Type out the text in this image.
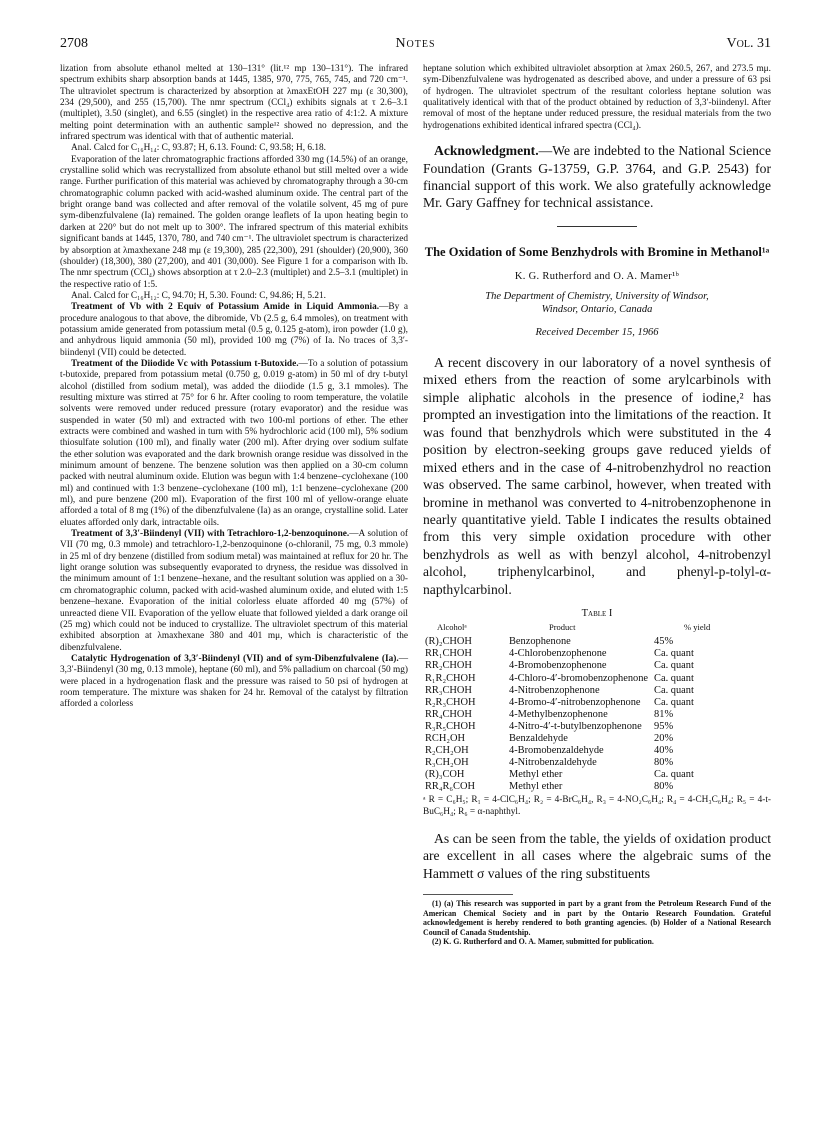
2708	Notes	Vol. 31

lization from absolute ethanol melted at 130–131° (lit.¹² mp 130–131°). The infrared spectrum exhibits sharp absorption bands at 1445, 1385, 970, 775, 765, 745, and 720 cm⁻¹. The ultraviolet spectrum is characterized by absorption at λmaxEtOH 227 mμ (ε 30,300), 234 (29,500), and 255 (15,700). The nmr spectrum (CCl₄) exhibits signals at τ 2.6–3.1 (multiplet), 3.50 (singlet), and 6.55 (singlet) in the respective area ratio of 4:1:2. A mixture melting point determination with an authentic sample¹² showed no depression, and the infrared spectrum was identical with that of authentic material.

Anal. Calcd for C₁₆H₁₄: C, 93.87; H, 6.13. Found: C, 93.58; H, 6.18.

Evaporation of the later chromatographic fractions afforded 330 mg (14.5%) of an orange, crystalline solid which was recrystallized from absolute ethanol but still melted over a wide range. Further purification of this material was achieved by chromatography through a 30-cm chromatographic column packed with acid-washed aluminum oxide. The central part of the bright orange band was collected and after removal of the volatile solvent, 45 mg of pure sym-dibenzfulvalene (Ia) remained. The golden orange leaflets of Ia upon heating begin to darken at 220° but do not melt up to 300°. The infrared spectrum of this material exhibits significant bands at 1445, 1370, 780, and 740 cm⁻¹. The ultraviolet spectrum is characterized by absorption at λmaxhexane 248 mμ (ε 19,300), 285 (22,300), 291 (shoulder) (20,900), 360 (shoulder) (18,300), 380 (27,200), and 401 (30,000). See Figure 1 for a comparison with Ib. The nmr spectrum (CCl₄) shows absorption at τ 2.0–2.3 (multiplet) and 2.5–3.1 (multiplet) in the respective ratio of 1:5.

Anal. Calcd for C₁₆H₁₂: C, 94.70; H, 5.30. Found: C, 94.86; H, 5.21.

Treatment of Vb with 2 Equiv of Potassium Amide in Liquid Ammonia.—By a procedure analogous to that above, the dibromide, Vb (2.5 g, 6.4 mmoles), on treatment with potassium amide generated from potassium metal (0.5 g, 0.125 g-atom), iron powder (1.0 g), and anhydrous liquid ammonia (50 ml), provided 100 mg (7%) of Ia. No traces of 3,3′-biindenyl (VII) could be detected.

Treatment of the Diiodide Vc with Potassium t-Butoxide.—To a solution of potassium t-butoxide, prepared from potassium metal (0.750 g, 0.019 g-atom) in 50 ml of dry t-butyl alcohol (distilled from sodium metal), was added the diiodide (1.5 g, 3.1 mmoles). The resulting mixture was stirred at 75° for 6 hr. After cooling to room temperature, the volatile solvents were removed under reduced pressure (rotary evaporator) and the residue was suspended in water (50 ml) and extracted with two 100-ml portions of ether. The ether extracts were combined and washed in turn with 5% hydrochloric acid (100 ml), 5% sodium thiosulfate solution (100 ml), and finally water (200 ml). After drying over sodium sulfate the ether solution was evaporated and the dark brownish orange residue was dissolved in the minimum amount of benzene. The benzene solution was then applied on a 30-cm column packed with neutral aluminum oxide. Elution was begun with 1:4 benzene–cyclohexane (100 ml) and continued with 1:3 benzene–cyclohexane (100 ml), 1:1 benzene–cyclohexane (200 ml), and pure benzene (200 ml). Evaporation of the first 100 ml of yellow-orange eluate afforded a total of 8 mg (1%) of the dibenzfulvalene (Ia) as an orange, crystalline solid. Later eluates afforded only dark, intractable oils.

Treatment of 3,3′-Biindenyl (VII) with Tetrachloro-1,2-benzoquinone.—A solution of VII (70 mg, 0.3 mmole) and tetrachloro-1,2-benzoquinone (o-chloranil, 75 mg, 0.3 mmole) in 25 ml of dry benzene (distilled from sodium metal) was maintained at reflux for 20 hr. The light orange solution was subsequently evaporated to dryness, the residue was dissolved in the minimum amount of 1:1 benzene–hexane, and the resultant solution was applied on a 30-cm chromatographic column, packed with acid-washed aluminum oxide, and eluted with 1:5 benzene–hexane. Evaporation of the initial colorless eluate afforded 40 mg (57%) of unreacted diene VII. Evaporation of the yellow eluate that followed yielded a dark orange oil (25 mg) which could not be induced to crystallize. The ultraviolet spectrum of this material exhibited absorption at λmaxhexane 380 and 401 mμ, which is characteristic of the dibenzfulvalene.

Catalytic Hydrogenation of 3,3′-Biindenyl (VII) and of sym-Dibenzfulvalene (Ia).—3,3′-Biindenyl (30 mg, 0.13 mmole), heptane (60 ml), and 5% palladium on charcoal (50 mg) were placed in a hydrogenation flask and the pressure was raised to 50 psi of hydrogen at room temperature. The mixture was shaken for 24 hr. Removal of the catalyst by filtration afforded a colorless

heptane solution which exhibited ultraviolet absorption at λmax 260.5, 267, and 273.5 mμ. sym-Dibenzfulvalene was hydrogenated as described above, and under a pressure of 63 psi of hydrogen. The ultraviolet spectrum of the resultant colorless heptane solution was qualitatively identical with that of the product obtained by reduction of 3,3′-biindenyl. After removal of most of the heptane under reduced pressure, the residual materials from the two hydrogenations exhibited identical infrared spectra (CCl₄).

Acknowledgment.—We are indebted to the National Science Foundation (Grants G-13759, G.P. 3764, and G.P. 2543) for financial support of this work. We also gratefully acknowledge Mr. Gary Gaffney for technical assistance.

The Oxidation of Some Benzhydrols with Bromine in Methanol¹ᵃ
K. G. Rutherford and O. A. Mamer¹ᵇ
The Department of Chemistry, University of Windsor,
Windsor, Ontario, Canada
Received December 15, 1966

A recent discovery in our laboratory of a novel synthesis of mixed ethers from the reaction of some arylcarbinols with simple aliphatic alcohols in the presence of iodine,² has prompted an investigation into the limitations of the reaction. It was found that benzhydrols which were substituted in the 4 position by electron-seeking groups gave reduced yields of mixed ethers and in the case of 4-nitrobenzhydrol no reaction was observed. The same carbinol, however, when treated with bromine in methanol was converted to 4-nitrobenzophenone in nearly quantitative yield. Table I indicates the results obtained from this very simple oxidation procedure with other benzhydrols as well as with benzyl alcohol, 4-nitrobenzyl alcohol, triphenylcarbinol, and phenyl-p-tolyl-α-napthylcarbinol.

Table I
Alcoholᵃ	Product	% yield
(R)₂CHOH	Benzophenone	45%
RR₁CHOH	4-Chlorobenzophenone	Ca. quant
RR₂CHOH	4-Bromobenzophenone	Ca. quant
R₁R₂CHOH	4-Chloro-4′-bromobenzophenone	Ca. quant
RR₃CHOH	4-Nitrobenzophenone	Ca. quant
R₂R₃CHOH	4-Bromo-4′-nitrobenzophenone	Ca. quant
RR₄CHOH	4-Methylbenzophenone	81%
R₃R₅CHOH	4-Nitro-4′-t-butylbenzophenone	95%
RCH₂OH	Benzaldehyde	20%
R₂CH₂OH	4-Bromobenzaldehyde	40%
R₃CH₂OH	4-Nitrobenzaldehyde	80%
(R)₃COH	Methyl ether	Ca. quant
RR₄R₆COH	Methyl ether	80%

ᵃ R = C₆H₅; R₁ = 4-ClC₆H₄; R₂ = 4-BrC₆H₄, R₃ = 4-NO₂C₆H₄; R₄ = 4-CH₃C₆H₄; R₅ = 4-t-BuC₆H₄; R₆ = α-naphthyl.

As can be seen from the table, the yields of oxidation product are excellent in all cases where the algebraic sums of the Hammett σ values of the ring substituents

(1) (a) This research was supported in part by a grant from the Petroleum Research Fund of the American Chemical Society and in part by the Ontario Research Foundation. Grateful acknowledgement is hereby rendered to both granting agencies. (b) Holder of a National Research Council of Canada Studentship.

(2) K. G. Rutherford and O. A. Mamer, submitted for publication.
